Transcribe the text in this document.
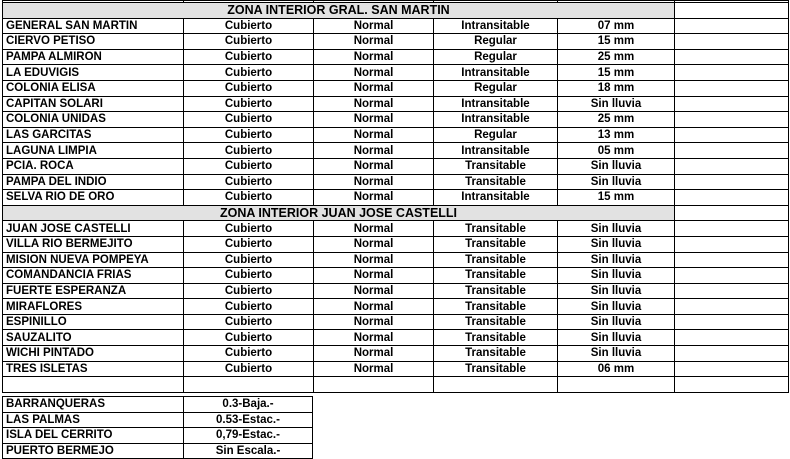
ZONA INTERIOR GRAL. SAN MARTIN					
GENERAL SAN MARTIN	Cubierto	Normal	Intransitable	07 mm	
CIERVO PETISO	Cubierto	Normal	Regular	15 mm	
PAMPA ALMIRON	Cubierto	Normal	Regular	25 mm	
LA EDUVIGIS	Cubierto	Normal	Intransitable	15 mm	
COLONIA ELISA	Cubierto	Normal	Regular	18 mm	
CAPITAN SOLARI	Cubierto	Normal	Intransitable	Sin lluvia	
COLONIA UNIDAS	Cubierto	Normal	Intransitable	25 mm	
LAS GARCITAS	Cubierto	Normal	Regular	13 mm	
LAGUNA LIMPIA	Cubierto	Normal	Intransitable	05 mm	
PCIA. ROCA	Cubierto	Normal	Transitable	Sin lluvia	
PAMPA DEL INDIO	Cubierto	Normal	Transitable	Sin lluvia	
SELVA RIO DE ORO	Cubierto	Normal	Intransitable	15 mm	
ZONA INTERIOR JUAN JOSE CASTELLI					
JUAN JOSE CASTELLI	Cubierto	Normal	Transitable	Sin lluvia	
VILLA RIO BERMEJITO	Cubierto	Normal	Transitable	Sin lluvia	
MISION NUEVA POMPEYA	Cubierto	Normal	Transitable	Sin lluvia	
COMANDANCIA FRIAS	Cubierto	Normal	Transitable	Sin lluvia	
FUERTE ESPERANZA	Cubierto	Normal	Transitable	Sin lluvia	
MIRAFLORES	Cubierto	Normal	Transitable	Sin lluvia	
ESPINILLO	Cubierto	Normal	Transitable	Sin lluvia	
SAUZALITO	Cubierto	Normal	Transitable	Sin lluvia	
WICHI PINTADO	Cubierto	Normal	Transitable	Sin lluvia	
TRES ISLETAS	Cubierto	Normal	Transitable	06 mm	

BARRANQUERAS	0.3-Baja.-
LAS PALMAS	0.53-Estac.-
ISLA DEL CERRITO	0,79-Estac.-
PUERTO BERMEJO	Sin Escala.-
